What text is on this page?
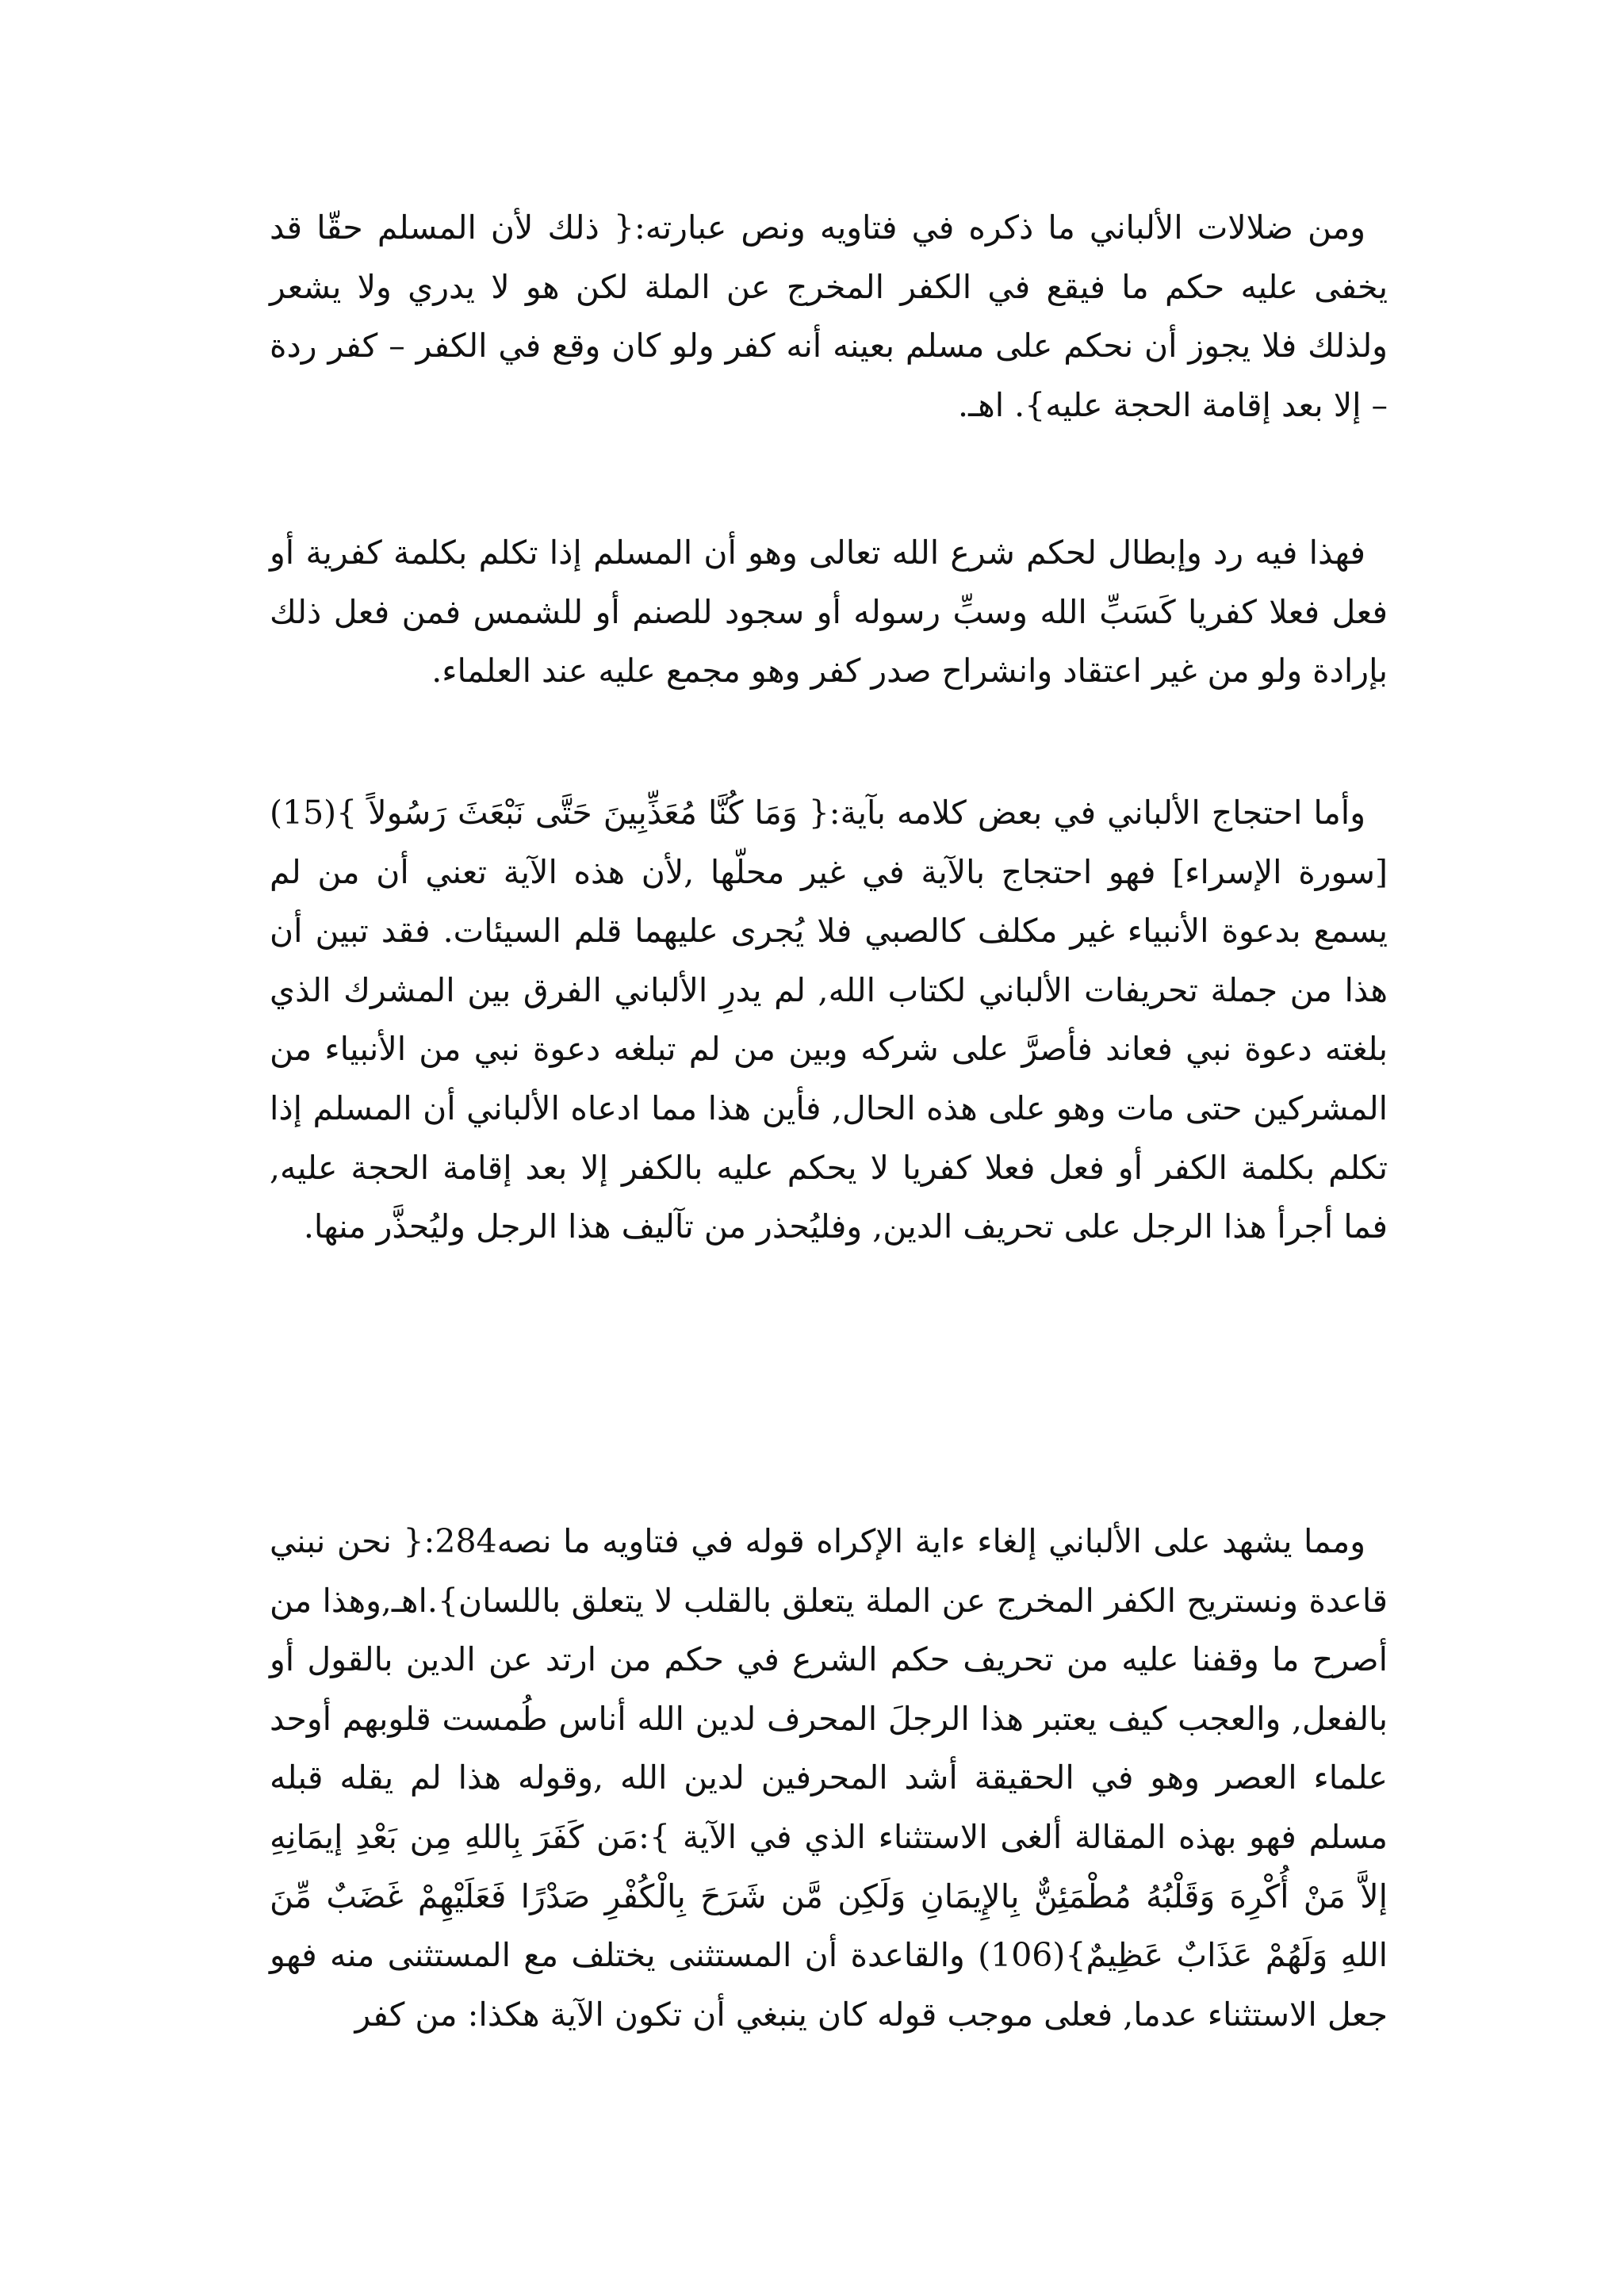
ومن ضلالات الألباني ما ذكره في فتاويه ونص عبارته:{ ذلك لأن المسلم حقّا قد يخفى عليه حكم ما فيقع في الكفر المخرج عن الملة لكن هو لا يدري ولا يشعر ولذلك فلا يجوز أن نحكم على مسلم بعينه أنه كفر ولو كان وقع في الكفر – كفر ردة – إلا بعد إقامة الحجة عليه}. اهـ.

فهذا فيه رد وإبطال لحكم شرع الله تعالى وهو أن المسلم إذا تكلم بكلمة كفرية أو فعل فعلا كفريا كَسَبِّ الله وسبِّ رسوله أو سجود للصنم أو للشمس فمن فعل ذلك بإرادة ولو من غير اعتقاد وانشراح صدر كفر وهو مجمع عليه عند العلماء.

وأما احتجاج الألباني في بعض كلامه بآية:{ وَمَا كُنَّا مُعَذِّبِينَ حَتَّى نَبْعَثَ رَسُولاً }(15)[سورة الإسراء] فهو احتجاج بالآية في غير محلّها ,لأن هذه الآية تعني أن من لم يسمع بدعوة الأنبياء غير مكلف كالصبي فلا يُجرى عليهما قلم السيئات. فقد تبين أن هذا من جملة تحريفات الألباني لكتاب الله, لم يدرِ الألباني الفرق بين المشرك الذي بلغته دعوة نبي فعاند فأصرَّ على شركه وبين من لم تبلغه دعوة نبي من الأنبياء من المشركين حتى مات وهو على هذه الحال, فأين هذا مما ادعاه الألباني أن المسلم إذا تكلم بكلمة الكفر أو فعل فعلا كفريا لا يحكم عليه بالكفر إلا بعد إقامة الحجة عليه, فما أجرأ هذا الرجل على تحريف الدين, وفليُحذر من تآليف هذا الرجل وليُحذَّر منها.

ومما يشهد على الألباني إلغاء ءاية الإكراه قوله في فتاويه ما نصه284:{ نحن نبني قاعدة ونستريح الكفر المخرج عن الملة يتعلق بالقلب لا يتعلق باللسان}.اهـ,وهذا من أصرح ما وقفنا عليه من تحريف حكم الشرع في حكم من ارتد عن الدين بالقول أو بالفعل, والعجب كيف يعتبر هذا الرجلَ المحرف لدين الله أناس طُمست قلوبهم أوحد علماء العصر وهو في الحقيقة أشد المحرفين لدين الله ,وقوله هذا لم يقله قبله مسلم فهو بهذه المقالة ألغى الاستثناء الذي في الآية }:مَن كَفَرَ بِاللهِ مِن بَعْدِ إيمَانِهِ إلاَّ مَنْ أُكْرِهَ وَقَلْبُهُ مُطْمَئِنٌّ بِالإِيمَانِ وَلَكِن مَّن شَرَحَ بِالْكُفْرِ صَدْرًا فَعَلَيْهِمْ غَضَبٌ مِّنَ اللهِ وَلَهُمْ عَذَابٌ عَظِيمٌ}(106) والقاعدة أن المستثنى يختلف مع المستثنى منه فهو جعل الاستثناء عدما, فعلى موجب قوله كان ينبغي أن تكون الآية هكذا: من كفر
